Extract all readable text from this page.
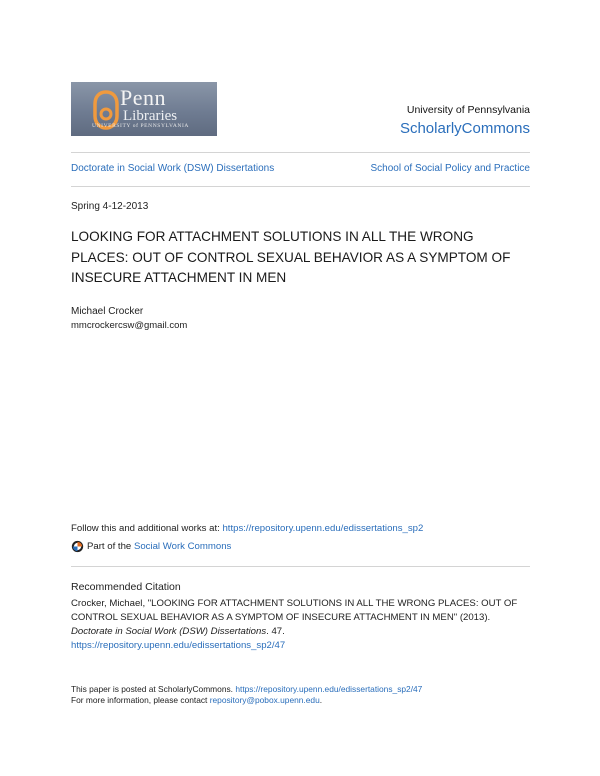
Penn
Libraries
UNIVERSITY of PENNSYLVANIA
University of Pennsylvania
ScholarlyCommons
Doctorate in Social Work (DSW) Dissertations	School of Social Policy and Practice
Spring 4-12-2013
LOOKING FOR ATTACHMENT SOLUTIONS IN ALL THE WRONG PLACES: OUT OF CONTROL SEXUAL BEHAVIOR AS A SYMPTOM OF INSECURE ATTACHMENT IN MEN
Michael Crocker
mmcrockercsw@gmail.com
Follow this and additional works at: https://repository.upenn.edu/edissertations_sp2
Part of the
Social Work Commons
Recommended Citation
Crocker, Michael, "LOOKING FOR ATTACHMENT SOLUTIONS IN ALL THE WRONG PLACES: OUT OF CONTROL SEXUAL BEHAVIOR AS A SYMPTOM OF INSECURE ATTACHMENT IN MEN" (2013). Doctorate in Social Work (DSW) Dissertations. 47.
https://repository.upenn.edu/edissertations_sp2/47
This paper is posted at ScholarlyCommons. https://repository.upenn.edu/edissertations_sp2/47
For more information, please contact repository@pobox.upenn.edu.
